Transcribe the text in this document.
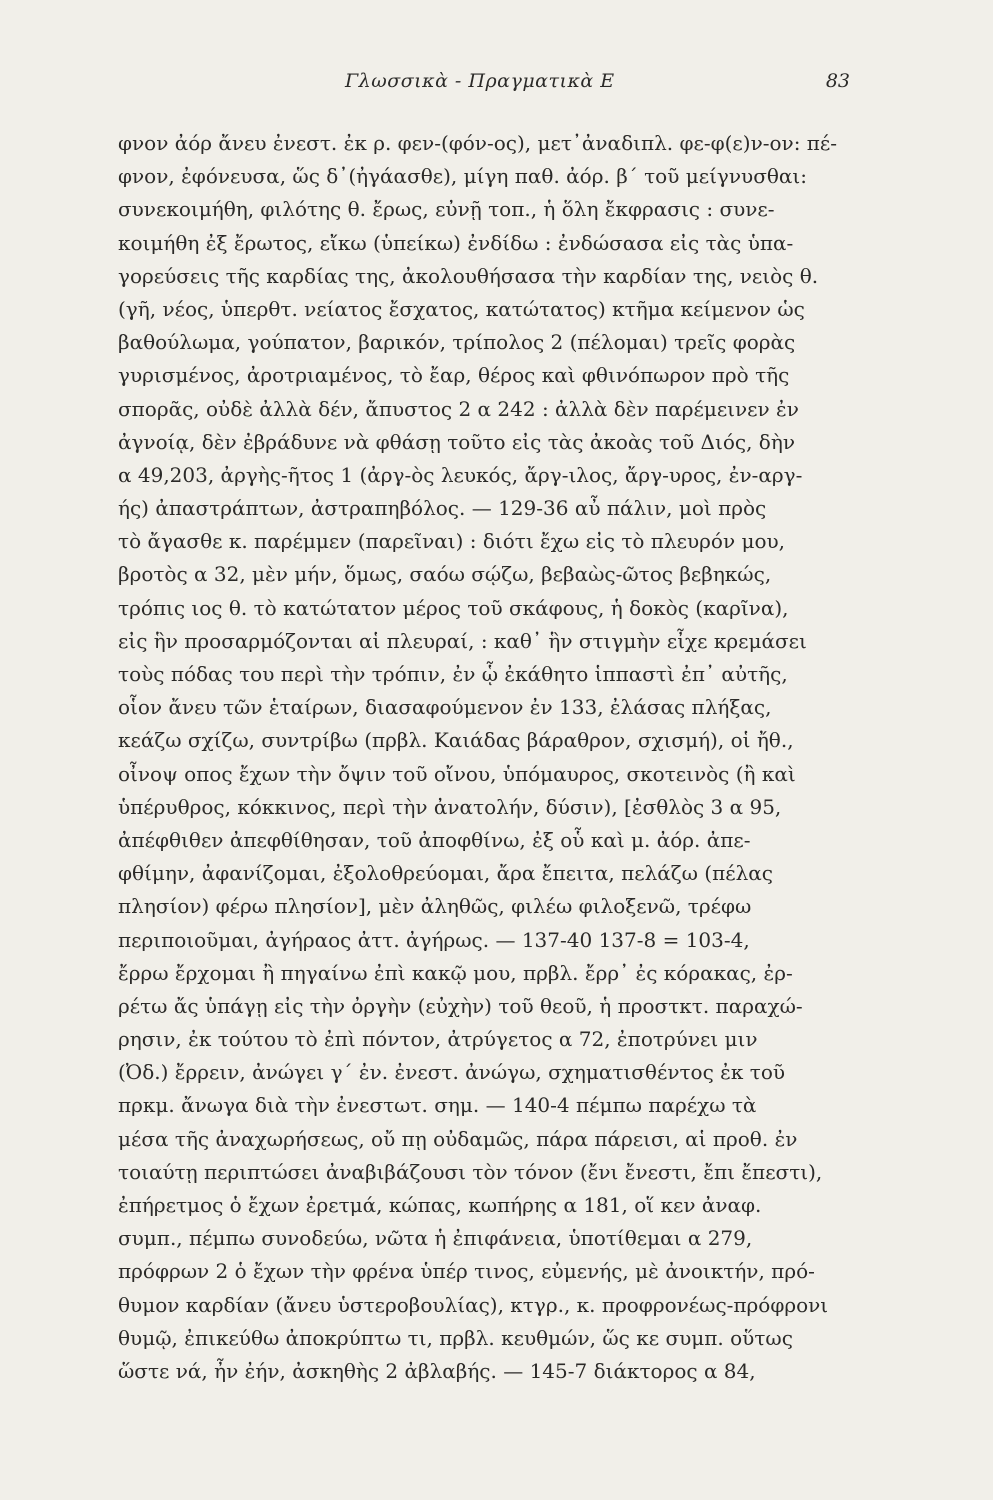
Γλωσσικὰ - Πραγματικὰ Ε	83
φνον ἀόρ ἄνευ ἐνεστ. ἐκ ρ. φεν-(φόν-ος), μετ᾽ἀναδιπλ. φε-φ(ε)ν-ον: πέ-
φνον, ἐφόνευσα, ὥς δ᾽(ἠγάασθε), μίγη παθ. ἀόρ. β´ τοῦ μείγνυσθαι:
συνεκοιμήθη, φιλότης θ. ἔρως, εὐνῇ τοπ., ἡ ὅλη ἔκφρασις : συνε-
κοιμήθη ἐξ ἔρωτος, εἴκω (ὑπείκω) ἐνδίδω : ἐνδώσασα εἰς τὰς ὑπα-
γορεύσεις τῆς καρδίας της, ἀκολουθήσασα τὴν καρδίαν της, νειὸς θ.
(γῆ, νέος, ὑπερθτ. νείατος ἔσχατος, κατώτατος) κτῆμα κείμενον ὡς
βαθούλωμα, γούπατον, βαρικόν, τρίπολος 2 (πέλομαι) τρεῖς φορὰς
γυρισμένος, ἀροτριαμένος, τὸ ἔαρ, θέρος καὶ φθινόπωρον πρὸ τῆς
σπορᾶς, οὐδὲ ἀλλὰ δέν, ἄπυστος 2 α 242 : ἀλλὰ δὲν παρέμεινεν ἐν
ἀγνοίᾳ, δὲν ἐβράδυνε νὰ φθάσῃ τοῦτο εἰς τὰς ἀκοὰς τοῦ Διός, δὴν
α 49,203, ἀργὴς-ῆτος 1 (ἀργ-ὸς λευκός, ἄργ-ιλος, ἄργ-υρος, ἐν-αργ-
ής) ἀπαστράπτων, ἀστραπηβόλος. — 129-36 αὖ πάλιν, μοὶ πρὸς
τὸ ἄγασθε κ. παρέμμεν (παρεῖναι) : διότι ἔχω εἰς τὸ πλευρόν μου,
βροτὸς α 32, μὲν μήν, ὅμως, σαόω σῴζω, βεβαὼς-ῶτος βεβηκώς,
τρόπις ιος θ. τὸ κατώτατον μέρος τοῦ σκάφους, ἡ δοκὸς (καρῖνα),
εἰς ἣν προσαρμόζονται αἱ πλευραί, : καθ᾽ ἣν στιγμὴν εἶχε κρεμάσει
τοὺς πόδας του περὶ τὴν τρόπιν, ἐν ᾧ ἐκάθητο ἱππαστὶ ἐπ᾽ αὐτῆς,
οἷον ἄνευ τῶν ἑταίρων, διασαφούμενον ἐν 133, ἐλάσας πλήξας,
κεάζω σχίζω, συντρίβω (πρβλ. Καιάδας βάραθρον, σχισμή), οἱ ἤθ.,
οἶνοψ οπος ἔχων τὴν ὄψιν τοῦ οἴνου, ὑπόμαυρος, σκοτεινὸς (ἢ καὶ
ὑπέρυθρος, κόκκινος, περὶ τὴν ἀνατολήν, δύσιν), [ἐσθλὸς 3 α 95,
ἀπέφθιθεν ἀπεφθίθησαν, τοῦ ἀποφθίνω, ἐξ οὗ καὶ μ. ἀόρ. ἀπε-
φθίμην, ἀφανίζομαι, ἐξολοθρεύομαι, ἄρα ἔπειτα, πελάζω (πέλας
πλησίον) φέρω πλησίον], μὲν ἀληθῶς, φιλέω φιλοξενῶ, τρέφω
περιποιοῦμαι, ἀγήραος ἀττ. ἀγήρως. — 137-40 137-8 = 103-4,
ἔρρω ἔρχομαι ἢ πηγαίνω ἐπὶ κακῷ μου, πρβλ. ἔρρ᾽ ἐς κόρακας, ἐρ-
ρέτω ἄς ὑπάγῃ εἰς τὴν ὀργὴν (εὐχὴν) τοῦ θεοῦ, ἡ προστκτ. παραχώ-
ρησιν, ἐκ τούτου τὸ ἐπὶ πόντον, ἀτρύγετος α 72, ἐποτρύνει μιν
(Ὀδ.) ἔρρειν, ἀνώγει γ´ ἐν. ἐνεστ. ἀνώγω, σχηματισθέντος ἐκ τοῦ
πρκμ. ἄνωγα διὰ τὴν ἐνεστωτ. σημ. — 140-4 πέμπω παρέχω τὰ
μέσα τῆς ἀναχωρήσεως, οὔ πῃ οὐδαμῶς, πάρα πάρεισι, αἱ προθ. ἐν
τοιαύτῃ περιπτώσει ἀναβιβάζουσι τὸν τόνον (ἔνι ἔνεστι, ἔπι ἔπεστι),
ἐπήρετμος ὁ ἔχων ἐρετμά, κώπας, κωπήρης α 181, οἵ κεν ἀναφ.
συμπ., πέμπω συνοδεύω, νῶτα ἡ ἐπιφάνεια, ὑποτίθεμαι α 279,
πρόφρων 2 ὁ ἔχων τὴν φρένα ὑπέρ τινος, εὐμενής, μὲ ἀνοικτήν, πρό-
θυμον καρδίαν (ἄνευ ὑστεροβουλίας), κτγρ., κ. προφρονέως-πρόφρονι
θυμῷ, ἐπικεύθω ἀποκρύπτω τι, πρβλ. κευθμών, ὥς κε συμπ. οὕτως
ὥστε νά, ἦν ἐήν, ἀσκηθὴς 2 ἀβλαβής. — 145-7 διάκτορος α 84,
